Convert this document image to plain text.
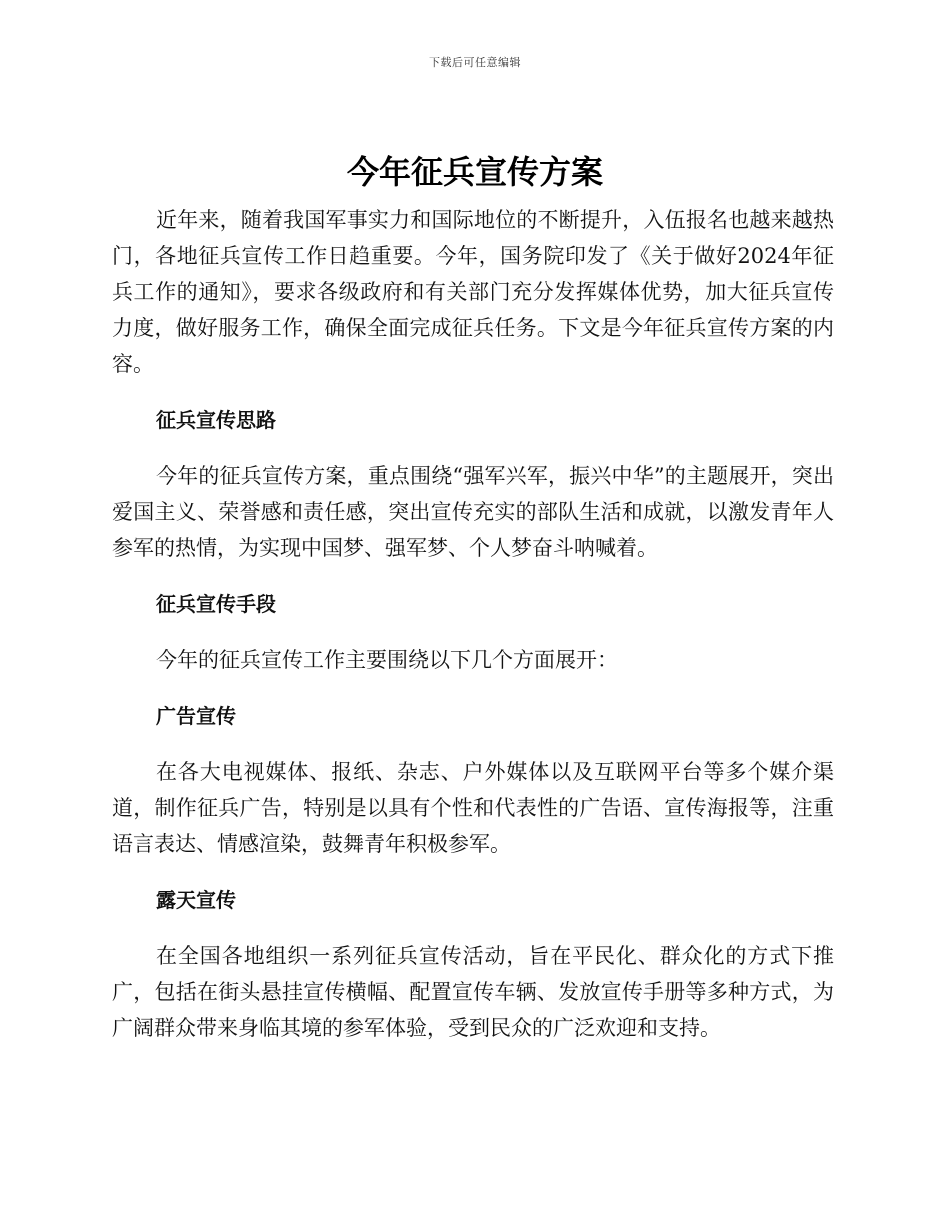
下载后可任意编辑
今年征兵宣传方案

近年来，随着我国军事实力和国际地位的不断提升，入伍报名也越来越热门，各地征兵宣传工作日趋重要。今年，国务院印发了《关于做好2024年征兵工作的通知》，要求各级政府和有关部门充分发挥媒体优势，加大征兵宣传力度，做好服务工作，确保全面完成征兵任务。下文是今年征兵宣传方案的内容。

征兵宣传思路

今年的征兵宣传方案，重点围绕“强军兴军，振兴中华”的主题展开，突出爱国主义、荣誉感和责任感，突出宣传充实的部队生活和成就，以激发青年人参军的热情，为实现中国梦、强军梦、个人梦奋斗呐喊着。

征兵宣传手段

今年的征兵宣传工作主要围绕以下几个方面展开：

广告宣传

在各大电视媒体、报纸、杂志、户外媒体以及互联网平台等多个媒介渠道，制作征兵广告，特别是以具有个性和代表性的广告语、宣传海报等，注重语言表达、情感渲染，鼓舞青年积极参军。

露天宣传

在全国各地组织一系列征兵宣传活动，旨在平民化、群众化的方式下推广，包括在街头悬挂宣传横幅、配置宣传车辆、发放宣传手册等多种方式，为广阔群众带来身临其境的参军体验，受到民众的广泛欢迎和支持。
